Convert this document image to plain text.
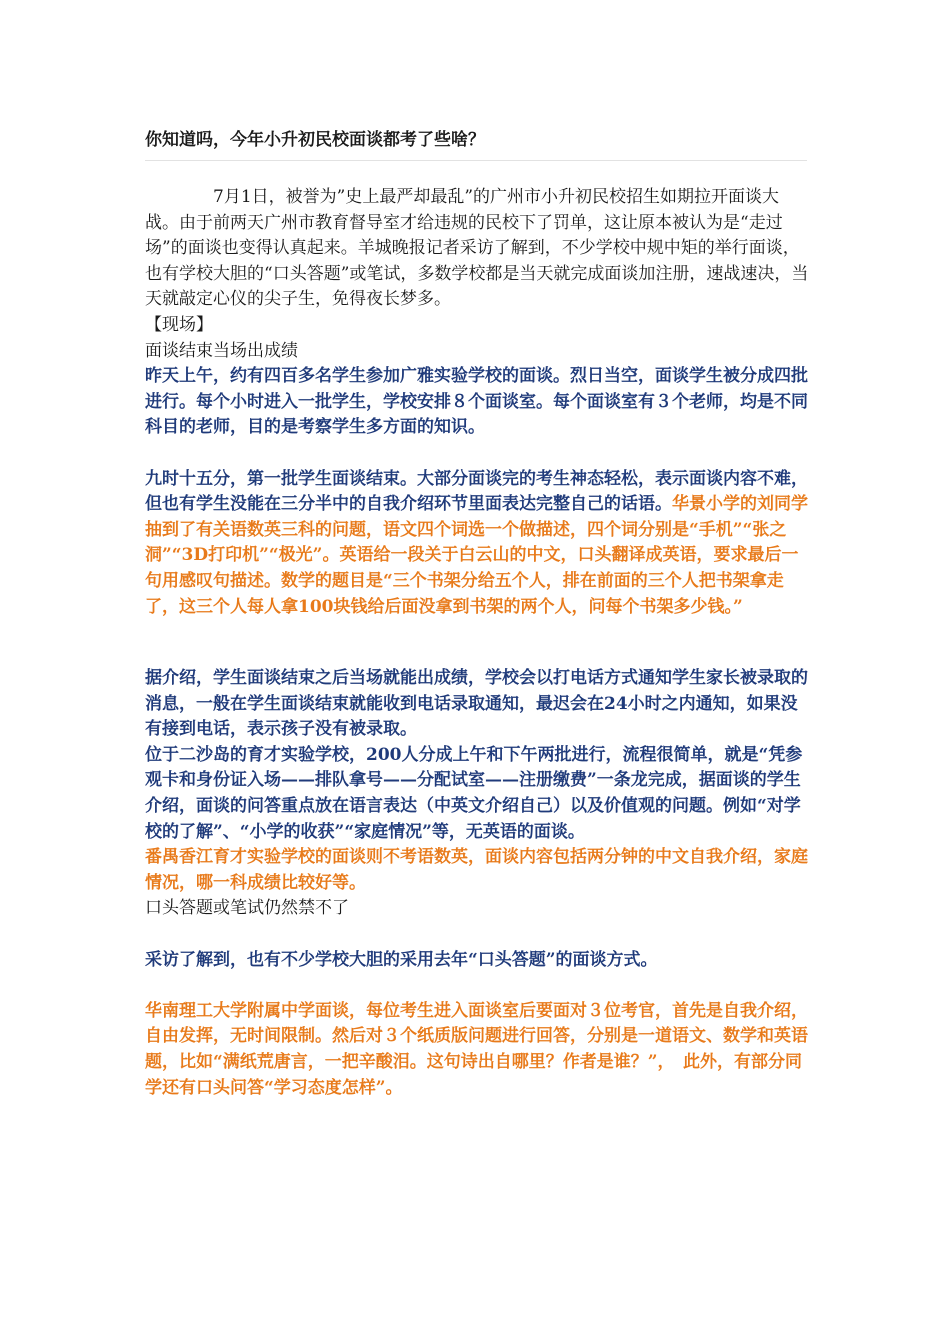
你知道吗，今年小升初民校面谈都考了些啥？

7月1日，被誉为”史上最严却最乱”的广州市小升初民校招生如期拉开面谈大战。由于前两天广州市教育督导室才给违规的民校下了罚单，这让原本被认为是“走过场”的面谈也变得认真起来。羊城晚报记者采访了解到，不少学校中规中矩的举行面谈，也有学校大胆的“口头答题”或笔试，多数学校都是当天就完成面谈加注册，速战速决，当天就敲定心仪的尖子生，免得夜长梦多。

【现场】

面谈结束当场出成绩

昨天上午，约有四百多名学生参加广雅实验学校的面谈。烈日当空，面谈学生被分成四批进行。每个小时进入一批学生，学校安排８个面谈室。每个面谈室有３个老师，均是不同科目的老师，目的是考察学生多方面的知识。

九时十五分，第一批学生面谈结束。大部分面谈完的考生神态轻松，表示面谈内容不难，但也有学生没能在三分半中的自我介绍环节里面表达完整自己的话语。华景小学的刘同学抽到了有关语数英三科的问题，语文四个词选一个做描述，四个词分别是“手机”“张之洞”“3D打印机”“极光”。英语给一段关于白云山的中文，口头翻译成英语，要求最后一句用感叹句描述。数学的题目是“三个书架分给五个人，排在前面的三个人把书架拿走了，这三个人每人拿100块钱给后面没拿到书架的两个人，问每个书架多少钱。”

据介绍，学生面谈结束之后当场就能出成绩，学校会以打电话方式通知学生家长被录取的消息，一般在学生面谈结束就能收到电话录取通知，最迟会在24小时之内通知，如果没有接到电话，表示孩子没有被录取。

位于二沙岛的育才实验学校，200人分成上午和下午两批进行，流程很简单，就是“凭参观卡和身份证入场——排队拿号——分配试室——注册缴费”一条龙完成，据面谈的学生介绍，面谈的问答重点放在语言表达（中英文介绍自己）以及价值观的问题。例如“对学校的了解”、“小学的收获”“家庭情况”等，无英语的面谈。

番禺香江育才实验学校的面谈则不考语数英，面谈内容包括两分钟的中文自我介绍，家庭情况，哪一科成绩比较好等。

口头答题或笔试仍然禁不了

采访了解到，也有不少学校大胆的采用去年“口头答题”的面谈方式。

华南理工大学附属中学面谈，每位考生进入面谈室后要面对３位考官，首先是自我介绍，自由发挥，无时间限制。然后对３个纸质版问题进行回答，分别是一道语文、数学和英语题，比如“满纸荒唐言，一把辛酸泪。这句诗出自哪里？作者是谁？”，　此外，有部分同学还有口头问答“学习态度怎样”。
